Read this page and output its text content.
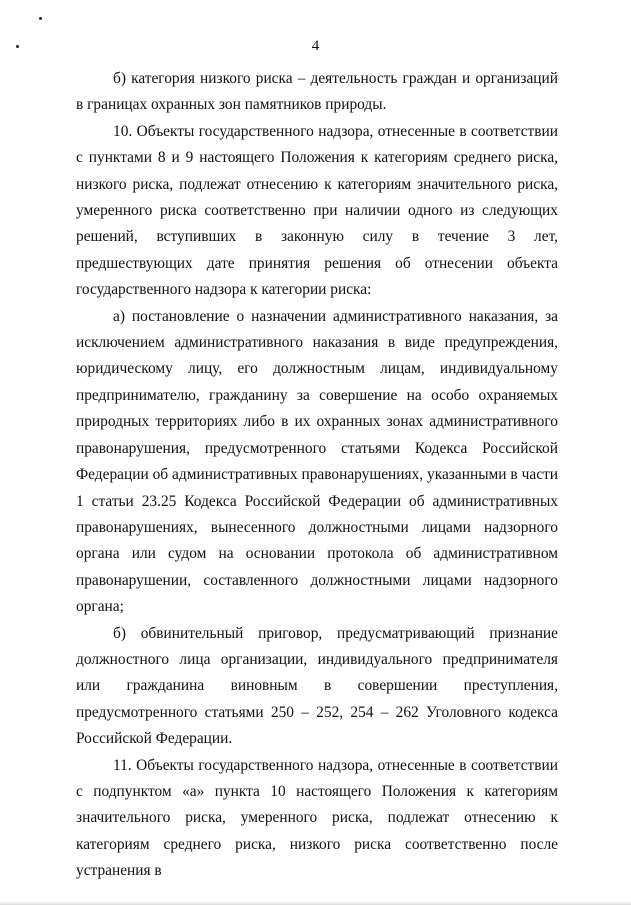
4

б) категория низкого риска – деятельность граждан и организаций в границах охранных зон памятников природы.

10. Объекты государственного надзора, отнесенные в соответствии с пунктами 8 и 9 настоящего Положения к категориям среднего риска, низкого риска, подлежат отнесению к категориям значительного риска, умеренного риска соответственно при наличии одного из следующих решений, вступивших в законную силу в течение 3 лет, предшествующих дате принятия решения об отнесении объекта государственного надзора к категории риска:

а) постановление о назначении административного наказания, за исключением административного наказания в виде предупреждения, юридическому лицу, его должностным лицам, индивидуальному предпринимателю, гражданину за совершение на особо охраняемых природных территориях либо в их охранных зонах административного правонарушения, предусмотренного статьями Кодекса Российской Федерации об административных правонарушениях, указанными в части 1 статьи 23.25 Кодекса Российской Федерации об административных правонарушениях, вынесенного должностными лицами надзорного органа или судом на основании протокола об административном правонарушении, составленного должностными лицами надзорного органа;

б) обвинительный приговор, предусматривающий признание должностного лица организации, индивидуального предпринимателя или гражданина виновным в совершении преступления, предусмотренного статьями 250 – 252, 254 – 262 Уголовного кодекса Российской Федерации.

11. Объекты государственного надзора, отнесенные в соответствии с подпунктом «а» пункта 10 настоящего Положения к категориям значительного риска, умеренного риска, подлежат отнесению к категориям среднего риска, низкого риска соответственно после устранения в
